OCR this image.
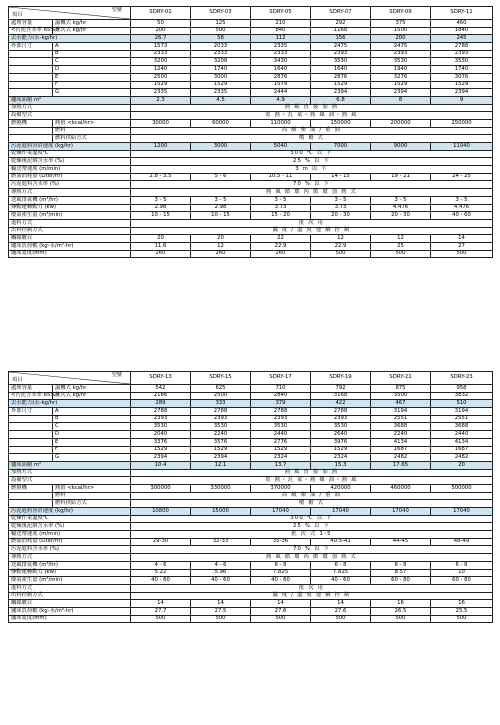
型號
項目		SDRY-01	SDRY-03	SDRY-05	SDRY-07	SDRY-09	SDRY-11
處理容量	濕機式 kg/hr	50	125	210	292	375	460
<污泥含水率 65%>	批次式 kg/hr	200	500	840	1168	1500	1840
去水能力(水-kg/hr)		26.7	58	112	156	200	245
外部尺寸	A	1573	2033	2335	2475	2475	2788
	B	2333	2333	2333	2393	2393	2393
	C	3200	3208	3430	3530	3530	3530
	D	1240	1740	1640	1640	1940	1740
	E	2500	3000	2876	2876	3276	3076
	F	1529	1529	1579	1529	1529	1529
	G	2335	2335	2444	2394	2394	2394
爐床面積 m²		2.3	4.5	4.9	6.8	8	9
加熱方式		熱 風 直 接 加 熱					
設備型式		電 熱・瓦 氣・熱 媒 油・熱 風					
燃燒機	熱值 <kcal/hr>	30000	60000	110000	150000	200000	250000
	燃料	高 級 柴 油 / 重 油					
	燃料供給方式	噴 槍 式					
污泥進料容許速度 (kg/hr)		1200	3000	5040	7000	9000	11040
乾燥作業溫度℃		300 ℃ 以 下					
乾燥後泥餅含水率 (%)		25 % 以 下					
輸送帶速度 (m/min)		3 m 以 下					
燃油消耗量 (Liter/hr)		2.8 - 3.5	5 - 6	10.5 - 11	14 - 15	19 - 21	24 - 25
污泥進料含水率 (%)		70 % 以 下					
導熱方式		熱 風 循 環 內 循 環 加 熱 式					
送風排氣機 (m³/hr)		3 - 5	3 - 5	3 - 5	3 - 5	3 - 5	3 - 5
傳動運轉動力 (kw)		2.98	2.98	3.73	3.73	4.476	4.476
廢氣產生量 (m³/min)		10 - 15	10 - 15	15 - 20	20 - 30	20 - 30	40 - 60
進料方式		批 次 用					
出料控制方式		濕 度 / 溫 度 連 續 控 制					
觸媒數目		20	20	22	12	12	14
爐床負荷數 (kg-水/m²-hr)		11.6	12	22.9	22.9	25	27
爐床寬度(mm)		260	260	260	500	500	500
型號
項目		SDRY-13	SDRY-15	SDRY-17	SDRY-19	SDRY-21	SDRY-23
處理容量	濕機式 kg/hr	542	625	710	792	875	958
<污泥含水率 65%>	批次式 kg/hr	2166	2500	2840	3168	3500	3832
去水能力(水-kg/hr)		289	333	379	422	467	510
外部尺寸	A	2788	2788	2788	2788	3194	3194
	B	2393	2393	2393	2393	2551	2551
	C	3530	3530	3530	3530	3688	3688
	D	2040	2240	2440	2640	2240	2440
	E	3376	3576	2776	3976	4134	4134
	F	1529	1529	1529	1529	1687	1687
	G	2394	2394	2324	2324	2482	2482
爐床面積 m²		10.4	12.1	13.7	15.3	17.65	20
加熱方式		熱 風 直 接 加 熱					
設備型式		電 熱・瓦 氣・熱 媒 油・熱 風					
燃燒機	熱值 <kcal/hr>	300000	330000	370000	420000	460000	500000
	燃料	高 級 柴 油 / 重 油					
	燃料供給方式	噴 槍 式					
污泥進料容許速度 (kg/hr)		10800	15000	17040	17040	17040	17040
乾燥作業溫度℃		300 ℃ 以 下					
乾燥後泥餅含水率 (%)		25 % 以 下					
輸送帶速度 (m/min)		批 次 式 1-5					
燃油消耗量 (Liter/hr)		29-30	32-33	35-36	40.5-41	44-45	48-49
污泥進料含水率 (%)		70 % 以 下					
導熱方式		熱 風 循 環 內 循 環 加 熱 式					
送風排氣機 (m³/hr)		4 - 6	4 - 6	6 - 8	6 - 8	6 - 8	6 - 8
傳動運轉動力 (kw)		5.22	5.96	7.825	7.825	8.57	10
廢氣產生量 (m³/min)		40 - 60	40 - 60	40 - 60	40 - 60	60 - 80	60 - 80
進料方式		批 次 用					
出料控制方式		濕 度 / 溫 度 連 續 控 制					
觸媒數目		14	14	14	14	16	16
爐床負荷數 (kg-水/m²-hr)		27.7	27.5	27.6	27.6	26.5	25.5
爐床寬度(mm)		500	500	500	500	500	500
